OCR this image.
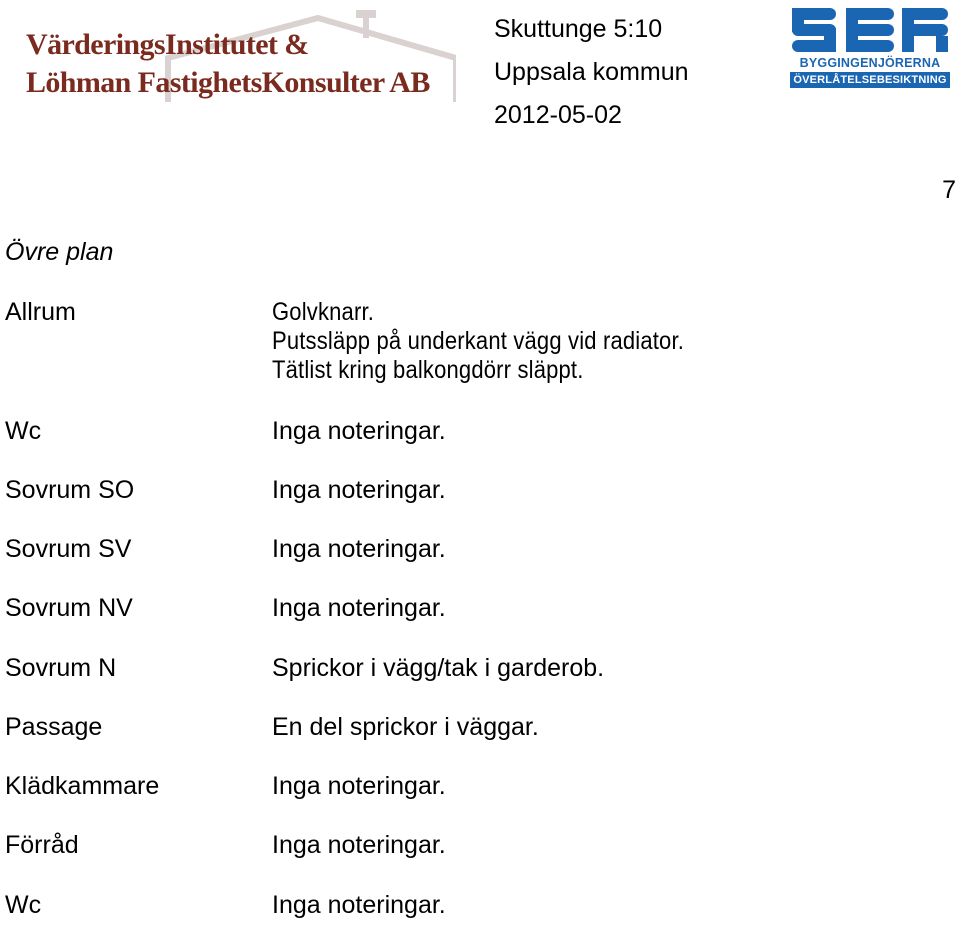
VärderingsInstitutet &
Löhman FastighetsKonsulter AB
Skuttunge 5:10
Uppsala kommun
2012-05-02
BYGGINGENJÖRERNA
ÖVERLÅTELSEBESIKTNING
7
Övre plan
Allrum	Golvknarr.
Putssläpp på underkant vägg vid radiator.
Tätlist kring balkongdörr släppt.
Wc	Inga noteringar.
Sovrum SO	Inga noteringar.
Sovrum SV	Inga noteringar.
Sovrum NV	Inga noteringar.
Sovrum N	Sprickor i vägg/tak i garderob.
Passage	En del sprickor i väggar.
Klädkammare	Inga noteringar.
Förråd	Inga noteringar.
Wc	Inga noteringar.
